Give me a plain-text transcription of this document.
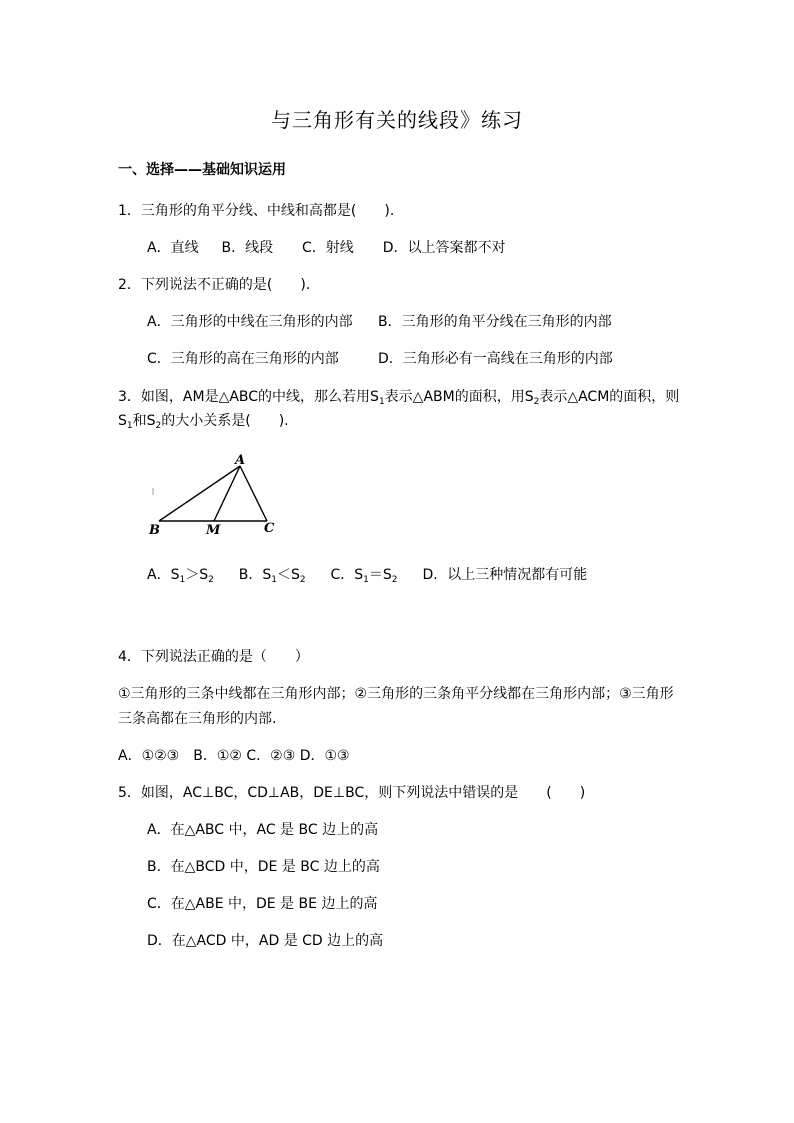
与三角形有关的线段》练习
一、选择——基础知识运用
1．三角形的角平分线、中线和高都是(　　).
A．直线 B．线段 C．射线 D．以上答案都不对
2．下列说法不正确的是(　　).
A．三角形的中线在三角形的内部 B．三角形的角平分线在三角形的内部
C．三角形的高在三角形的内部	D．三角形必有一高线在三角形的内部
3．如图，AM是△ABC的中线，那么若用$S_1$表示△ABM的面积，用$S_2$表示△ACM的面积，则
$S_1$和$S_2$的大小关系是(　　).
A
B	M	C
A．$S_1>S_2$ B．$S_1<S_2$ C．$S_1=S_2$ D．以上三种情况都有可能
4．下列说法正确的是（　　）
①三角形的三条中线都在三角形内部；②三角形的三条角平分线都在三角形内部；③三角形
三条高都在三角形的内部.
A．①②③　B．①② C．②③ D．①③
5．如图，AC⊥BC，CD⊥AB，DE⊥BC，则下列说法中错误的是　　(　　)
A．在△ABC 中，AC 是 BC 边上的高
B．在△BCD 中，DE 是 BC 边上的高
C．在△ABE 中，DE 是 BE 边上的高
D．在△ACD 中，AD 是 CD 边上的高
